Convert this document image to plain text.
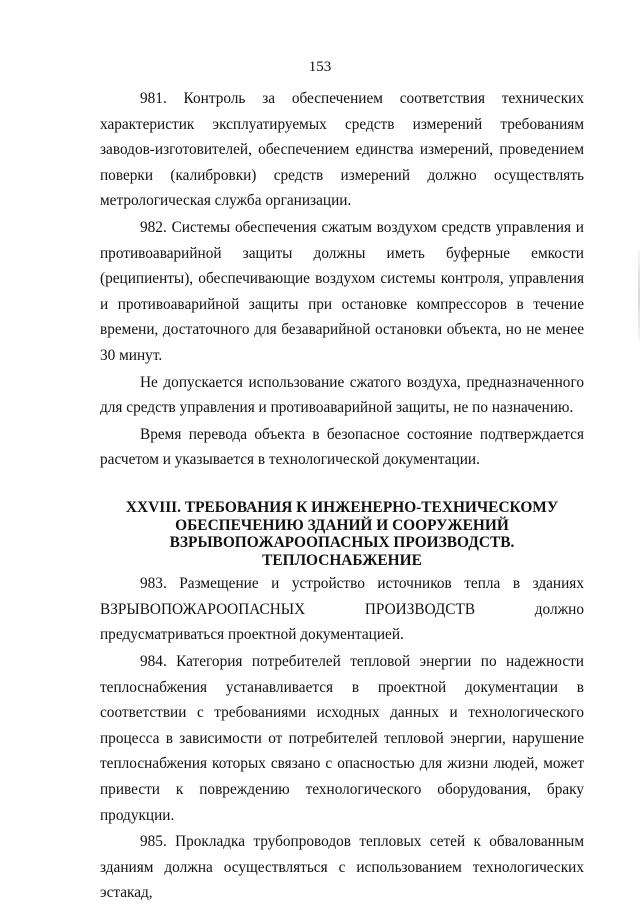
153

981. Контроль за обеспечением соответствия технических характеристик эксплуатируемых средств измерений требованиям заводов-изготовителей, обеспечением единства измерений, проведением поверки (калибровки) средств измерений должно осуществлять метрологическая служба организации.

982. Системы обеспечения сжатым воздухом средств управления и противоаварийной защиты должны иметь буферные емкости (реципиенты), обеспечивающие воздухом системы контроля, управления и противоаварийной защиты при остановке компрессоров в течение времени, достаточного для безаварийной остановки объекта, но не менее 30 минут.

Не допускается использование сжатого воздуха, предназначенного для средств управления и противоаварийной защиты, не по назначению.

Время перевода объекта в безопасное состояние подтверждается расчетом и указывается в технологической документации.

XXVIII. ТРЕБОВАНИЯ К ИНЖЕНЕРНО-ТЕХНИЧЕСКОМУ
ОБЕСПЕЧЕНИЮ ЗДАНИЙ И СООРУЖЕНИЙ
ВЗРЫВОПОЖАРООПАСНЫХ ПРОИЗВОДСТВ.
ТЕПЛОСНАБЖЕНИЕ

983. Размещение и устройство источников тепла в зданиях ВЗРЫВОПОЖАРООПАСНЫХ ПРОИЗВОДСТВ должно предусматриваться проектной документацией.

984. Категория потребителей тепловой энергии по надежности теплоснабжения устанавливается в проектной документации в соответствии с требованиями исходных данных и технологического процесса в зависимости от потребителей тепловой энергии, нарушение теплоснабжения которых связано с опасностью для жизни людей, может привести к повреждению технологического оборудования, браку продукции.

985. Прокладка трубопроводов тепловых сетей к обвалованным зданиям должна осуществляться с использованием технологических эстакад,
